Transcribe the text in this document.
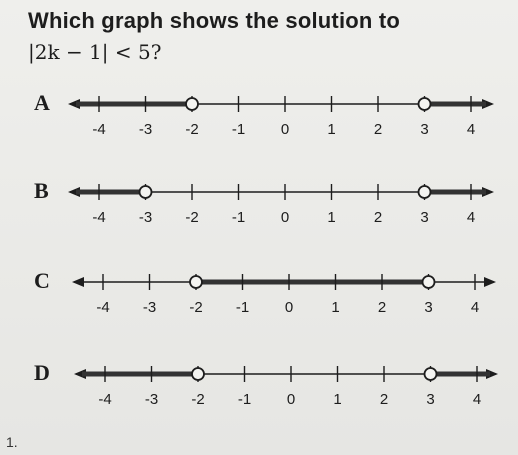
Which graph shows the solution to
|2k − 1| < 5?
A
-4 -3 -2 -1 0	1	2	3	4
B
-4 -3 -2 -1 0	1	2	3	4
C
-4 -3 -2 -1 0	1	2	3	4
D
-4 -3 -2 -1 0	1	2	3	4
1.
